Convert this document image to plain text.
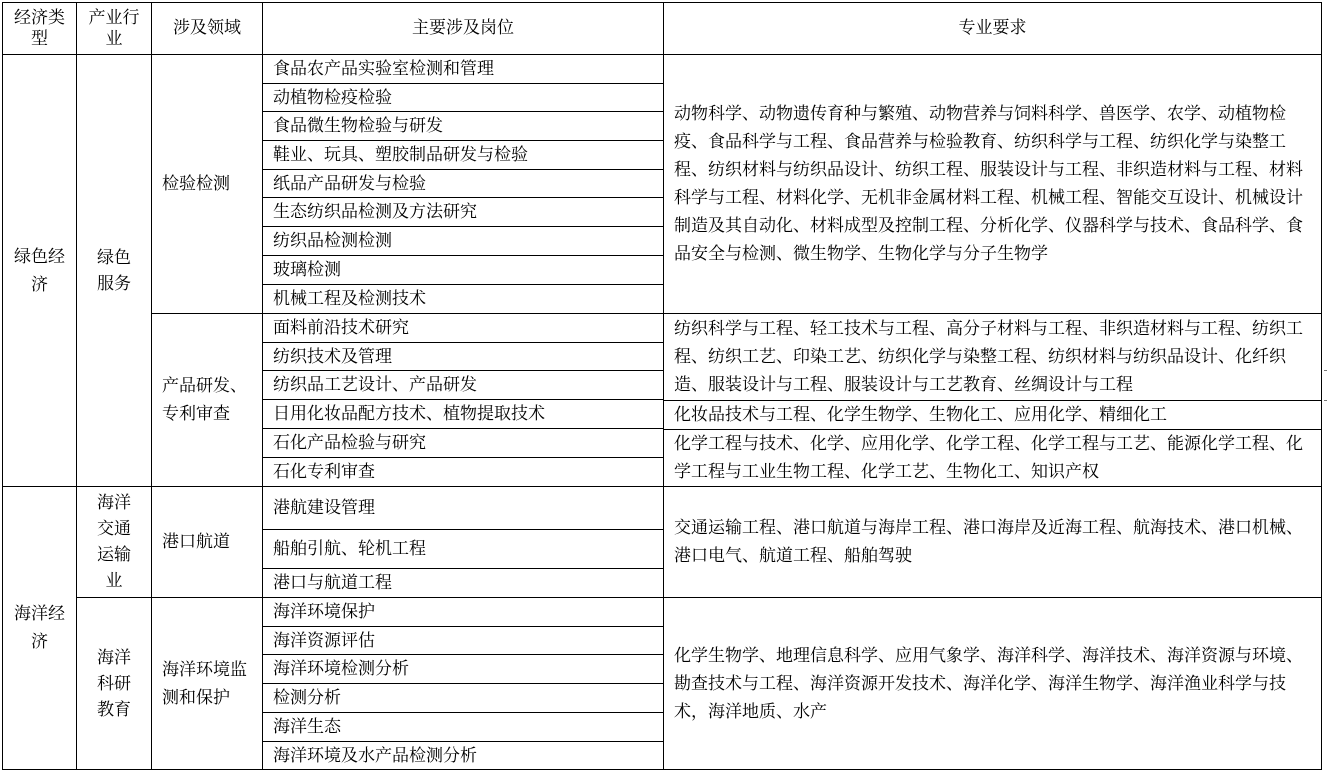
经济类型
产业行业
涉及领域	主要涉及岗位	专业要求
绿色经济
海洋经济
绿色服务
海洋交通运输业
海洋科研教育
检验检测
产品研发、专利审查
港口航道
海洋环境监测和保护
食品农产品实验室检测和管理
动植物检疫检验
食品微生物检验与研发
鞋业、玩具、塑胶制品研发与检验
纸品产品研发与检验
生态纺织品检测及方法研究
纺织品检测检测
玻璃检测
机械工程及检测技术
面料前沿技术研究
纺织技术及管理
纺织品工艺设计、产品研发
日用化妆品配方技术、植物提取技术
石化产品检验与研究
石化专利审查
港航建设管理
船舶引航、轮机工程
港口与航道工程
海洋环境保护
海洋资源评估
海洋环境检测分析
检测分析
海洋生态
海洋环境及水产品检测分析
动物科学、动物遗传育种与繁殖、动物营养与饲料科学、兽医学、农学、动植物检疫、食品科学与工程、食品营养与检验教育、纺织科学与工程、纺织化学与染整工程、纺织材料与纺织品设计、纺织工程、服装设计与工程、非织造材料与工程、材料科学与工程、材料化学、无机非金属材料工程、机械工程、智能交互设计、机械设计制造及其自动化、材料成型及控制工程、分析化学、仪器科学与技术、食品科学、食品安全与检测、微生物学、生物化学与分子生物学
纺织科学与工程、轻工技术与工程、高分子材料与工程、非织造材料与工程、纺织工程、纺织工艺、印染工艺、纺织化学与染整工程、纺织材料与纺织品设计、化纤织造、服装设计与工程、服装设计与工艺教育、丝绸设计与工程
化妆品技术与工程、化学生物学、生物化工、应用化学、精细化工
化学工程与技术、化学、应用化学、化学工程、化学工程与工艺、能源化学工程、化学工程与工业生物工程、化学工艺、生物化工、知识产权
交通运输工程、港口航道与海岸工程、港口海岸及近海工程、航海技术、港口机械、港口电气、航道工程、船舶驾驶
化学生物学、地理信息科学、应用气象学、海洋科学、海洋技术、海洋资源与环境、勘查技术与工程、海洋资源开发技术、海洋化学、海洋生物学、海洋渔业科学与技术，海洋地质、水产
